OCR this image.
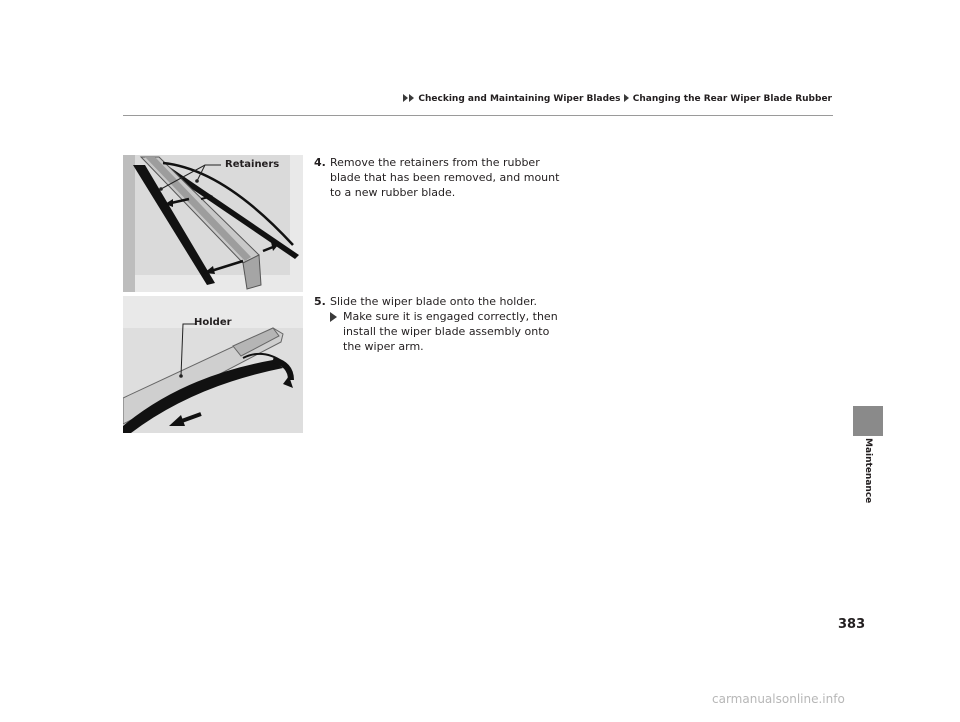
Checking and Maintaining Wiper Blades Changing the Rear Wiper Blade Rubber
Retainers
Holder
4. Remove the retainers from the rubber blade that has been removed, and mount to a new rubber blade.
5. Slide the wiper blade onto the holder.
Make sure it is engaged correctly, then install the wiper blade assembly onto the wiper arm.
Maintenance
383
carmanualsonline.info
